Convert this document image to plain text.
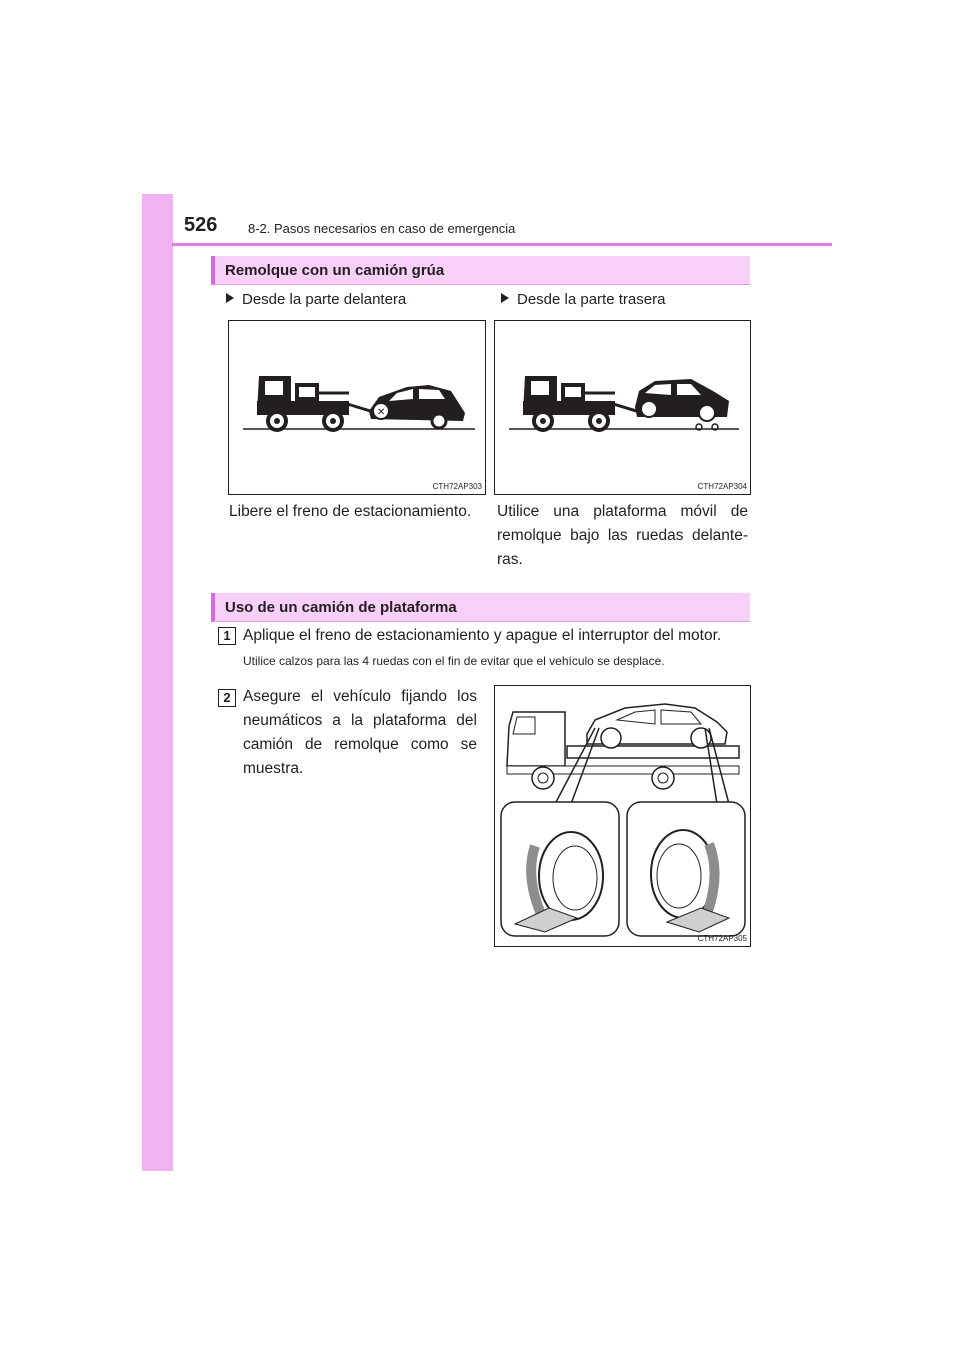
526 8-2. Pasos necesarios en caso de emergencia
Remolque con un camión grúa
Desde la parte delantera	Desde la parte trasera
✕
CTH72AP303	CTH72AP304
Libere el freno de estacionamiento.	Utilice una plataforma móvil de remolque bajo las ruedas delante- ras.
Uso de un camión de plataforma
1 Aplique el freno de estacionamiento y apague el interruptor del motor.
Utilice calzos para las 4 ruedas con el fin de evitar que el vehículo se desplace.
2 Asegure el vehículo fijando los neumáticos a la plataforma del camión de remolque como se muestra.
CTH72AP305
